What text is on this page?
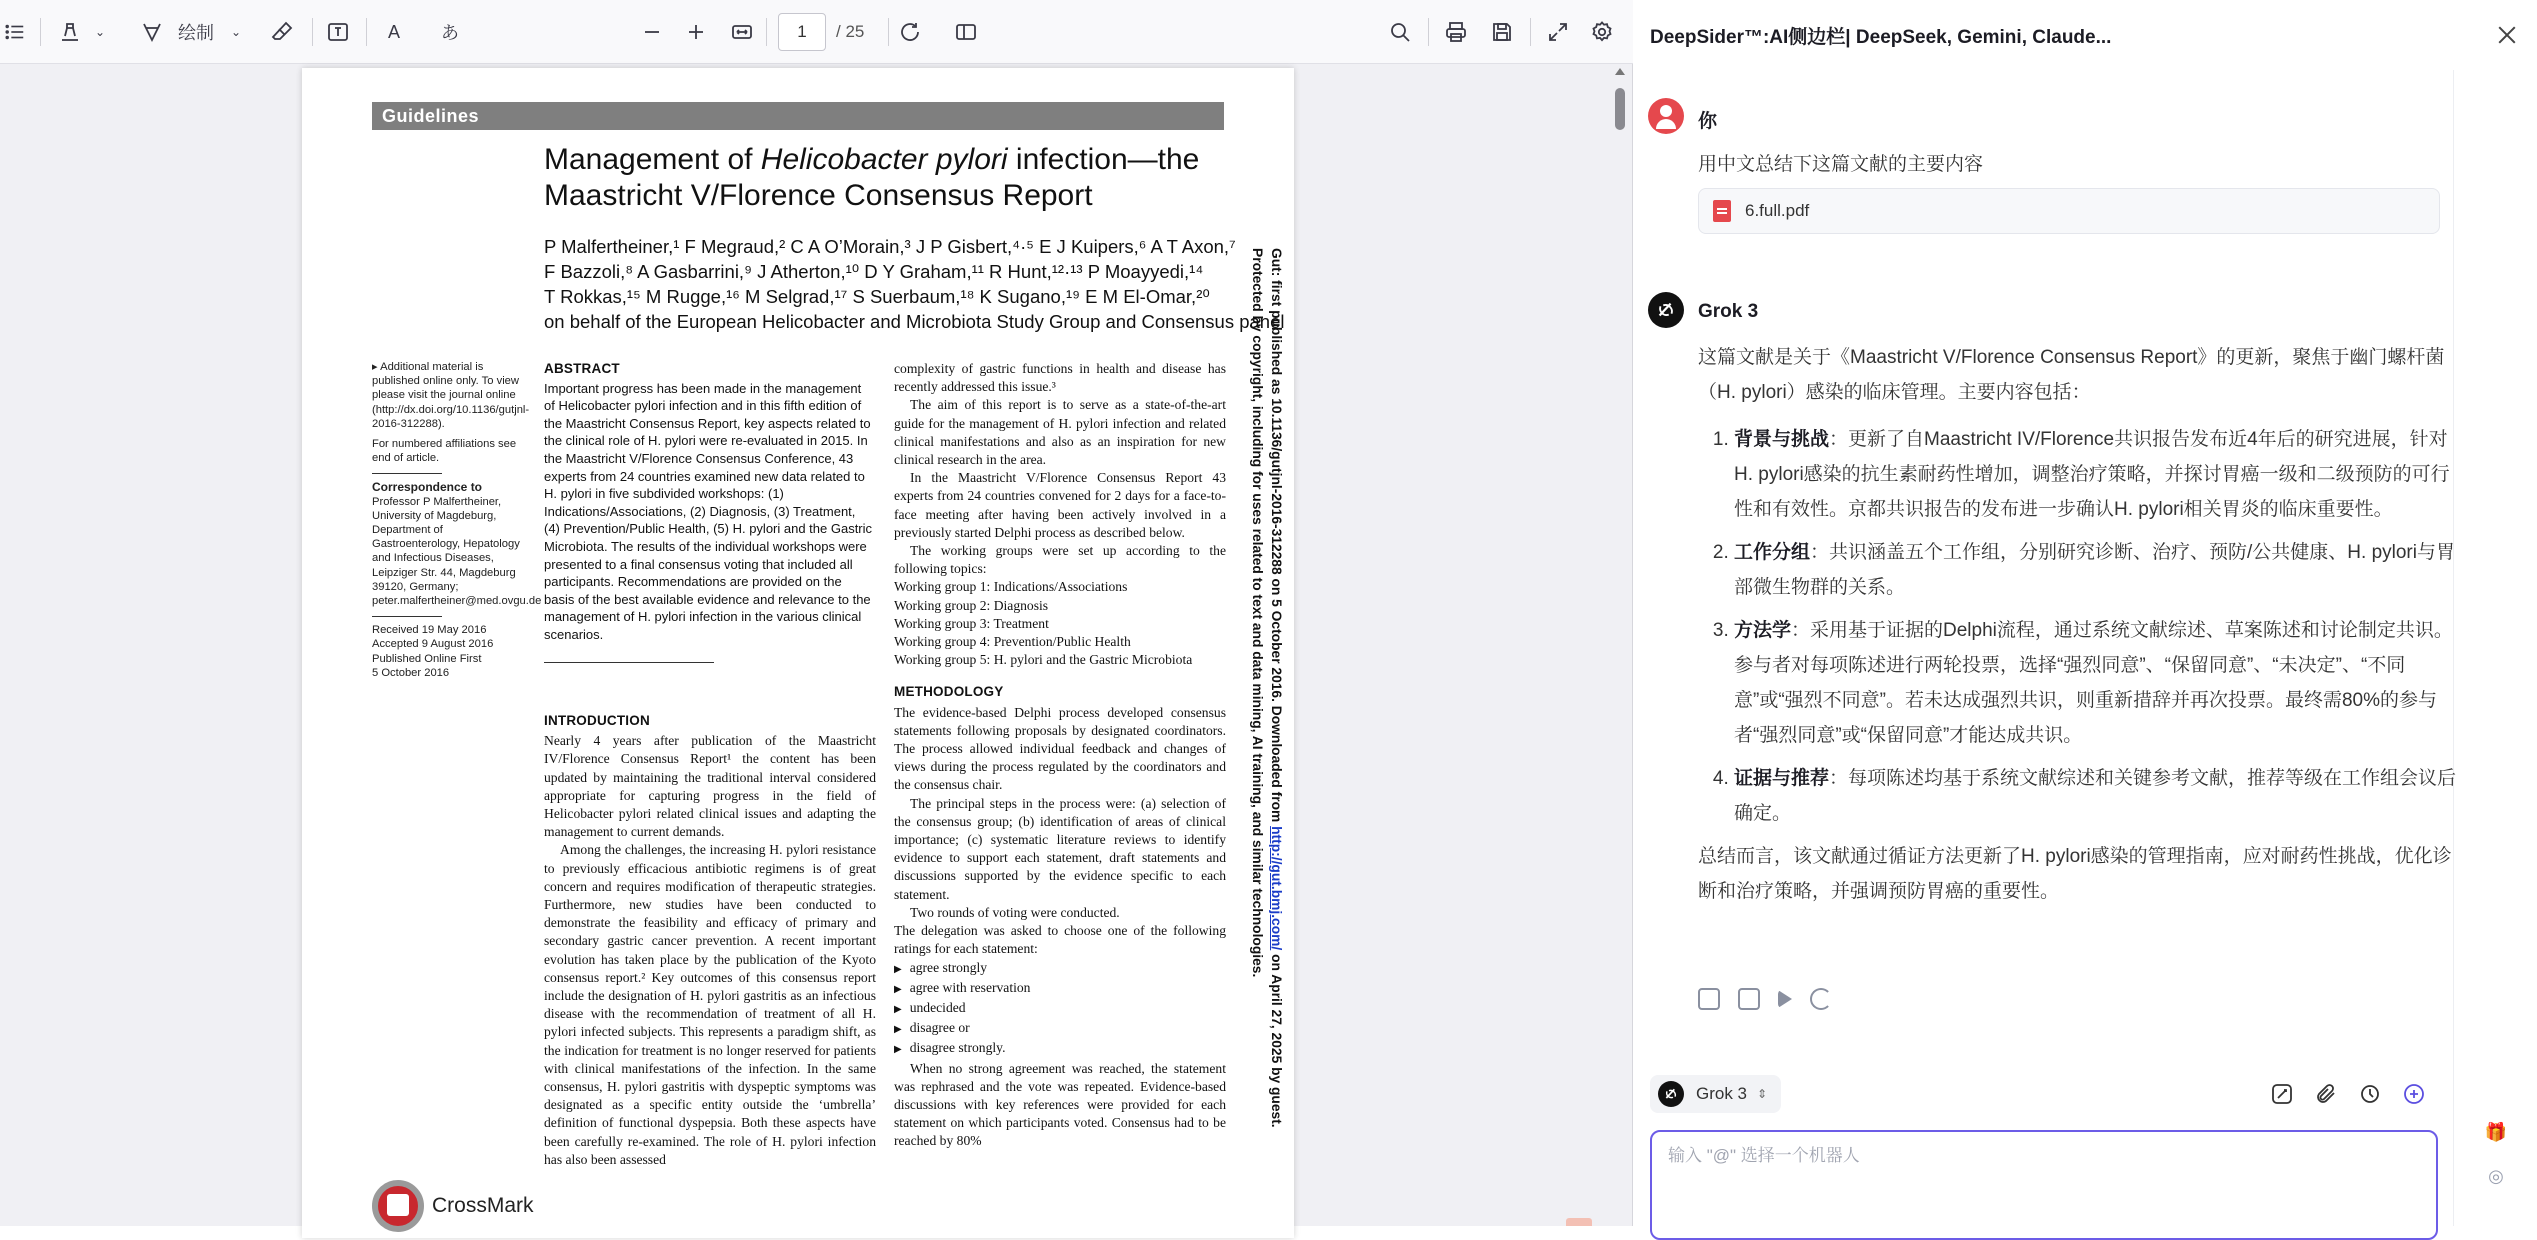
⌄	绘制 ⌄	A	あ	1	/ 25
Guidelines
Management of Helicobacter pylori infection—the
Maastricht V/Florence Consensus Report
P Malfertheiner,¹ F Megraud,² C A O’Morain,³ J P Gisbert,⁴·⁵ E J Kuipers,⁶ A T Axon,⁷
F Bazzoli,⁸ A Gasbarrini,⁹ J Atherton,¹⁰ D Y Graham,¹¹ R Hunt,¹²·¹³ P Moayyedi,¹⁴
T Rokkas,¹⁵ M Rugge,¹⁶ M Selgrad,¹⁷ S Suerbaum,¹⁸ K Sugano,¹⁹ E M El-Omar,²⁰
on behalf of the European Helicobacter and Microbiota Study Group and Consensus panel

▸ Additional material is published online only. To view please visit the journal online (http://dx.doi.org/10.1136/gutjnl-2016-312288).

For numbered affiliations see end of article.

Correspondence to

Professor P Malfertheiner, University of Magdeburg, Department of Gastroenterology, Hepatology and Infectious Diseases, Leipziger Str. 44, Magdeburg 39120, Germany; peter.malfertheiner@med.ovgu.de

Received 19 May 2016
Accepted 9 August 2016
Published Online First
5 October 2016
ABSTRACT

Important progress has been made in the management of Helicobacter pylori infection and in this fifth edition of the Maastricht Consensus Report, key aspects related to the clinical role of H. pylori were re-evaluated in 2015. In the Maastricht V/Florence Consensus Conference, 43 experts from 24 countries examined new data related to H. pylori in five subdivided workshops: (1) Indications/Associations, (2) Diagnosis, (3) Treatment, (4) Prevention/Public Health, (5) H. pylori and the Gastric Microbiota. The results of the individual workshops were presented to a final consensus voting that included all participants. Recommendations are provided on the basis of the best available evidence and relevance to the management of H. pylori infection in the various clinical scenarios.

INTRODUCTION

Nearly 4 years after publication of the Maastricht IV/Florence Consensus Report¹ the content has been updated by maintaining the traditional interval considered appropriate for capturing progress in the field of Helicobacter pylori related clinical issues and adapting the management to current demands.

Among the challenges, the increasing H. pylori resistance to previously efficacious antibiotic regimens is of great concern and requires modification of therapeutic strategies. Furthermore, new studies have been conducted to demonstrate the feasibility and efficacy of primary and secondary gastric cancer prevention. A recent important evolution has taken place by the publication of the Kyoto consensus report.² Key outcomes of this consensus report include the designation of H. pylori gastritis as an infectious disease with the recommendation of treatment of all H. pylori infected subjects. This represents a paradigm shift, as the indication for treatment is no longer reserved for patients with clinical manifestations of the infection. In the same consensus, H. pylori gastritis with dyspeptic symptoms was designated as a specific entity outside the ‘umbrella’ definition of functional dyspepsia. Both these aspects have been carefully re-examined. The role of H. pylori infection has also been assessed

complexity of gastric functions in health and disease has recently addressed this issue.³

The aim of this report is to serve as a state-of-the-art guide for the management of H. pylori infection and related clinical manifestations and also as an inspiration for new clinical research in the area.

In the Maastricht V/Florence Consensus Report 43 experts from 24 countries convened for 2 days for a face-to-face meeting after having been actively involved in a previously started Delphi process as described below.

The working groups were set up according to the following topics:

Working group 1: Indications/Associations

Working group 2: Diagnosis

Working group 3: Treatment

Working group 4: Prevention/Public Health

Working group 5: H. pylori and the Gastric Microbiota

METHODOLOGY

The evidence-based Delphi process developed consensus statements following proposals by designated coordinators. The process allowed individual feedback and changes of views during the process regulated by the coordinators and the consensus chair.

The principal steps in the process were: (a) selection of the consensus group; (b) identification of areas of clinical importance; (c) systematic literature reviews to identify evidence to support each statement, draft statements and discussions supported by the evidence specific to each statement.

Two rounds of voting were conducted.

The delegation was asked to choose one of the following ratings for each statement:

▶ agree strongly

▶ agree with reservation

▶ undecided

▶ disagree or

▶ disagree strongly.

When no strong agreement was reached, the statement was rephrased and the vote was repeated. Evidence-based discussions with key references were provided for each statement on which participants voted. Consensus had to be reached by 80%

CrossMark
Gut: first published as 10.1136/gutjnl-2016-312288 on 5 October 2016. Downloaded from http://gut.bmj.com/ on April 27, 2025 by guest. Protected by copyright, including for uses related to text and data mining, AI training, and similar technologies.
DeepSider™:AI侧边栏| DeepSeek, Gemini, Claude...
🎁
◎
你
用中文总结下这篇文献的主要内容
6.full.pdf
Grok 3
这篇文献是关于《Maastricht V/Florence Consensus Report》的更新，聚焦于幽门螺杆菌（H. pylori）感染的临床管理。主要内容包括：
1. 背景与挑战：更新了自Maastricht IV/Florence共识报告发布近4年后的研究进展，针对H. pylori感染的抗生素耐药性增加，调整治疗策略，并探讨胃癌一级和二级预防的可行性和有效性。京都共识报告的发布进一步确认H. pylori相关胃炎的临床重要性。
2. 工作分组：共识涵盖五个工作组，分别研究诊断、治疗、预防/公共健康、H. pylori与胃部微生物群的关系。
3. 方法学：采用基于证据的Delphi流程，通过系统文献综述、草案陈述和讨论制定共识。参与者对每项陈述进行两轮投票，选择“强烈同意”、“保留同意”、“未决定”、“不同意”或“强烈不同意”。若未达成强烈共识，则重新措辞并再次投票。最终需80%的参与者“强烈同意”或“保留同意”才能达成共识。
4. 证据与推荐：每项陈述均基于系统文献综述和关键参考文献，推荐等级在工作组会议后确定。
总结而言，该文献通过循证方法更新了H. pylori感染的管理指南，应对耐药性挑战，优化诊断和治疗策略，并强调预防胃癌的重要性。
Grok 3 ⇕
输入 "@" 选择一个机器人
